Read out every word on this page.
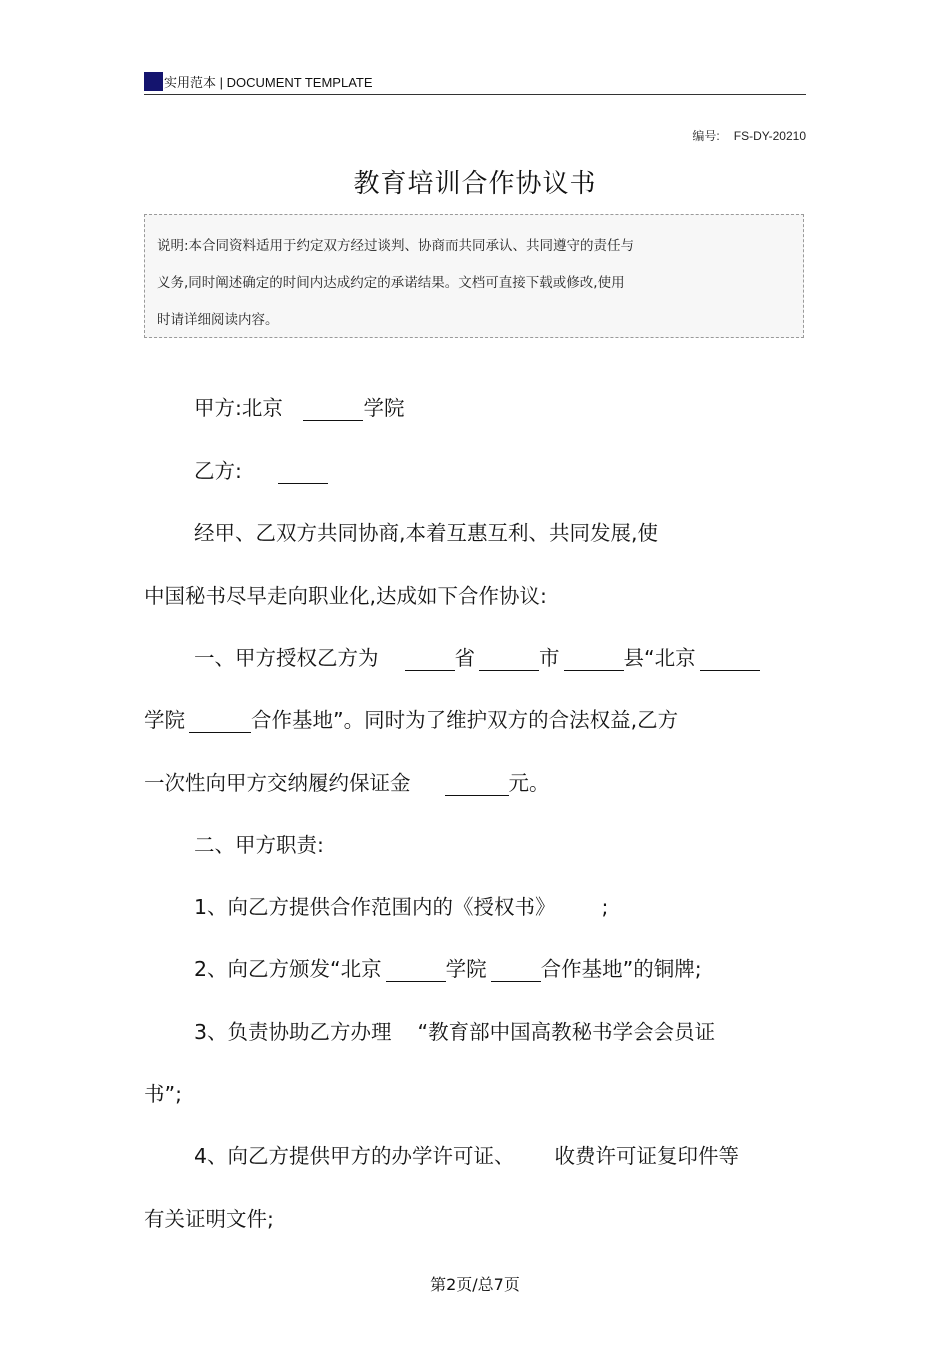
实用范本 | DOCUMENT TEMPLATE
编号: FS-DY-20210
教育培训合作协议书
说明:本合同资料适用于约定双方经过谈判、协商而共同承认、共同遵守的责任与
义务,同时阐述确定的时间内达成约定的承诺结果。文档可直接下载或修改,使用
时请详细阅读内容。
甲方:北京	学院
乙方:
经甲、乙双方共同协商,本着互惠互利、共同发展,使
中国秘书尽早走向职业化,达成如下合作协议:
一、甲方授权乙方为	省	市	县“北京
学院	合作基地”。同时为了维护双方的合法权益,乙方
一次性向甲方交纳履约保证金	元。
二、甲方职责:
1、向乙方提供合作范围内的《授权书》 ;
2、向乙方颁发“北京	学院	合作基地”的铜牌;
3、负责协助乙方办理 “教育部中国高教秘书学会会员证
书”;
4、向乙方提供甲方的办学许可证、 收费许可证复印件等
有关证明文件;
第2页/总7页
